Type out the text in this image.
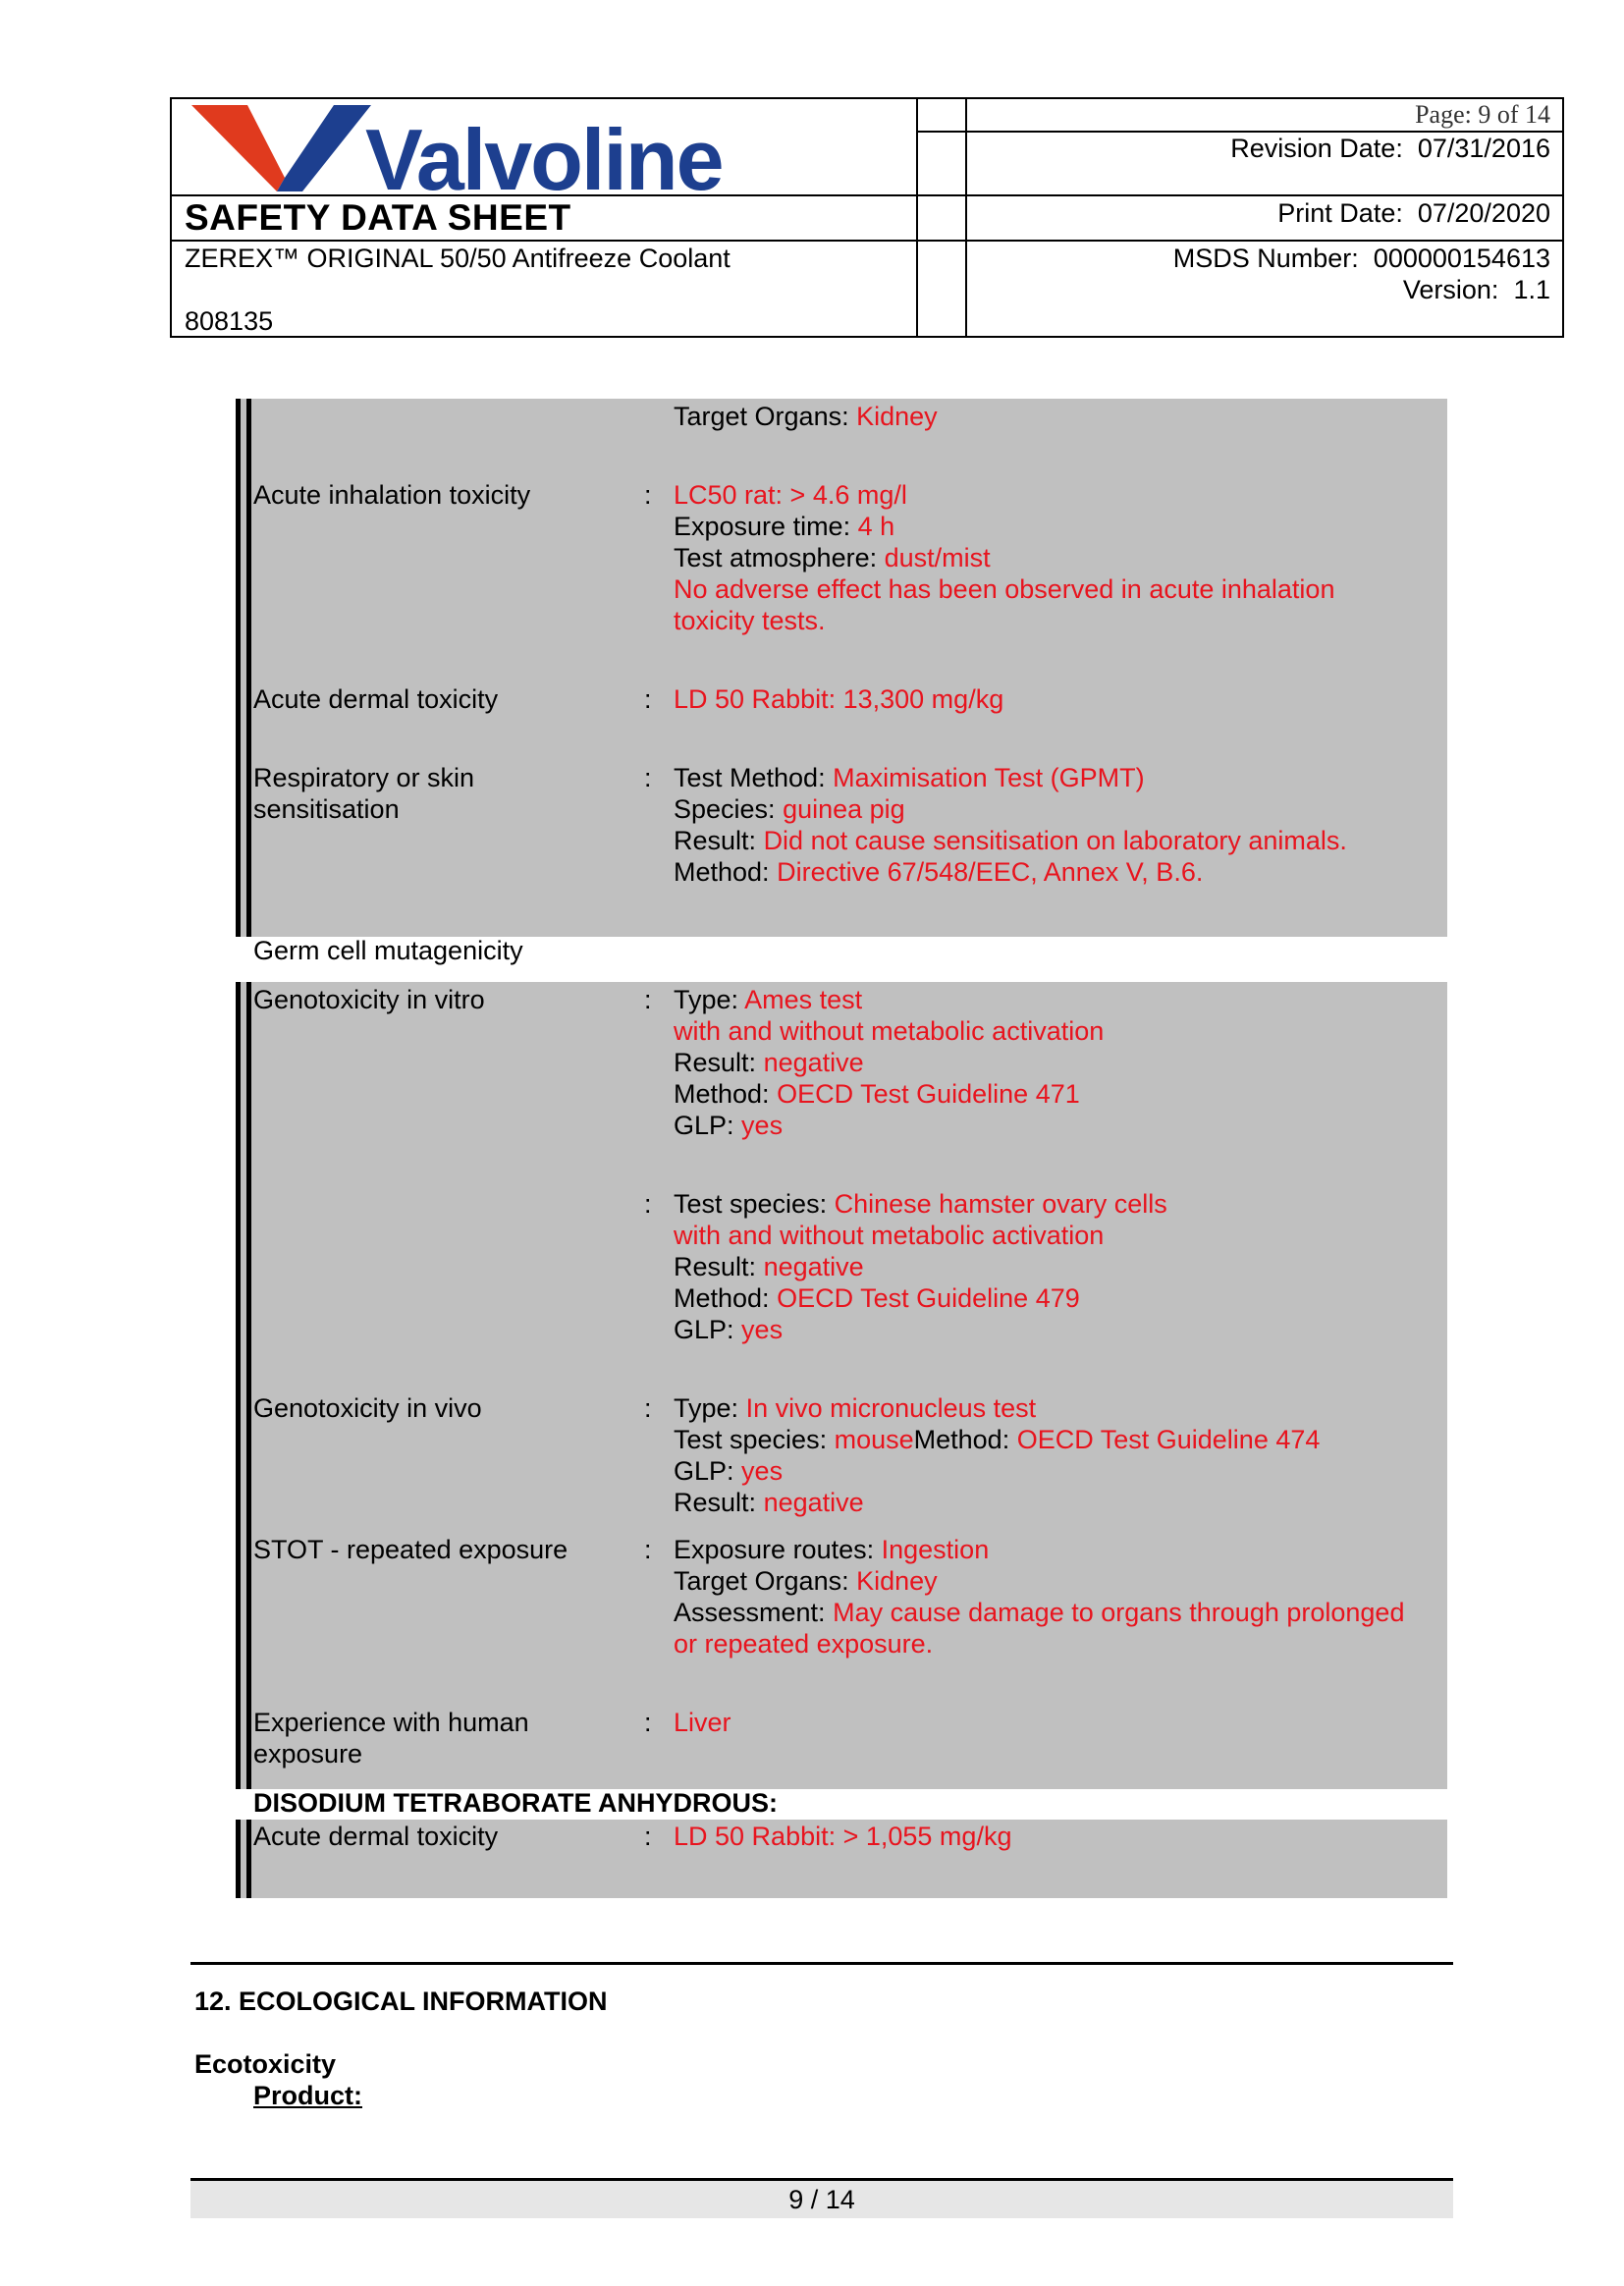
Valvoline
SAFETY DATA SHEET
ZEREX™ ORIGINAL 50/50 Antifreeze Coolant
808135
Page: 9 of 14
Revision Date: 07/31/2016
Print Date: 07/20/2020
MSDS Number: 000000154613
Version: 1.1
Target Organs: Kidney
Acute inhalation toxicity	: LC50 rat: > 4.6 mg/l
Exposure time: 4 h
Test atmosphere: dust/mist
No adverse effect has been observed in acute inhalation
toxicity tests.
Acute dermal toxicity	: LD 50 Rabbit: 13,300 mg/kg
Respiratory or skin
sensitisation
: Test Method: Maximisation Test (GPMT)
Species: guinea pig
Result: Did not cause sensitisation on laboratory animals.
Method: Directive 67/548/EEC, Annex V, B.6.
Germ cell mutagenicity
Genotoxicity in vitro	: Type: Ames test
with and without metabolic activation
Result: negative
Method: OECD Test Guideline 471
GLP: yes
: Test species: Chinese hamster ovary cells
with and without metabolic activation
Result: negative
Method: OECD Test Guideline 479
GLP: yes
Genotoxicity in vivo	: Type: In vivo micronucleus test
Test species: mouseMethod: OECD Test Guideline 474
GLP: yes
Result: negative
STOT - repeated exposure	: Exposure routes: Ingestion
Target Organs: Kidney
Assessment: May cause damage to organs through prolonged
or repeated exposure.
Experience with human
exposure
: Liver
DISODIUM TETRABORATE ANHYDROUS:
Acute dermal toxicity	: LD 50 Rabbit: > 1,055 mg/kg
12. ECOLOGICAL INFORMATION
Ecotoxicity
Product:
9 / 14
